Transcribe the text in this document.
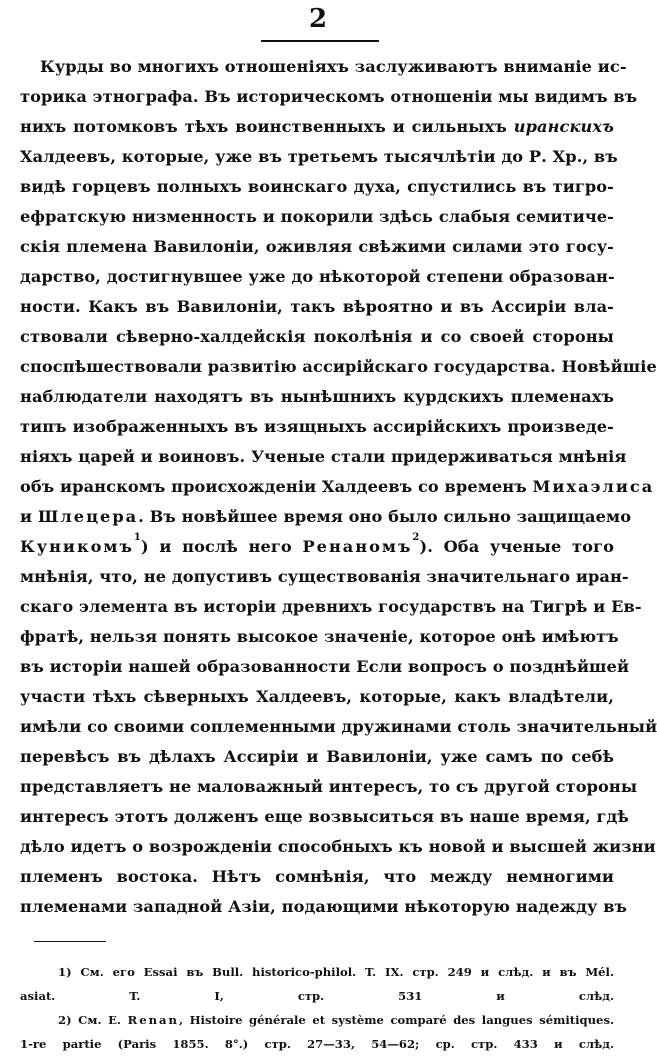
2
Курды во многихъ отношеніяхъ заслуживаютъ вниманіе ис-
торика этнографа. Въ историческомъ отношеніи мы видимъ въ
нихъ потомковъ тѣхъ воинственныхъ и сильныхъ иранскихъ
Халдеевъ, которые, уже въ третьемъ тысячлѣтіи до Р. Хр., въ
видѣ горцевъ полныхъ воинскаго духа, спустились въ тигро-
ефратскую низменность и покорили здѣсь слабыя семитиче-
скія племена Вавилоніи, оживляя свѣжими силами это госу-
дарство, достигнувшее уже до нѣкоторой степени образован-
ности. Какъ въ Вавилоніи, такъ вѣроятно и въ Ассиріи вла-
ствовали сѣверно-халдейскія поколѣнія и со своей стороны
споспѣшествовали развитію ассирійскаго государства. Новѣйшіе
наблюдатели находятъ въ нынѣшнихъ курдскихъ племенахъ
типъ изображенныхъ въ изящныхъ ассирійскихъ произведе-
ніяхъ царей и воиновъ. Ученые стали придерживаться мнѣнія
объ иранскомъ происхожденіи Халдеевъ со временъ Михаэлиса
и Шлецера. Въ новѣйшее время оно было сильно защищаемо
Куникомъ$^1$) и послѣ него Ренаномъ$^2$). Оба ученые того
мнѣнія, что, не допустивъ существованія значительнаго иран-
скаго элемента въ исторіи древнихъ государствъ на Тигрѣ и Ев-
фратѣ, нельзя понять высокое значеніе, которое онѣ имѣютъ
въ исторіи нашей образованности Если вопросъ о позднѣйшей
участи тѣхъ сѣверныхъ Халдеевъ, которые, какъ владѣтели,
имѣли со своими соплеменными дружинами столь значительный
перевѣсъ въ дѣлахъ Ассиріи и Вавилоніи, уже самъ по себѣ
представляетъ не маловажный интересъ, то съ другой стороны
интересъ этотъ долженъ еще возвыситься въ наше время, гдѣ
дѣло идетъ о возрожденіи способныхъ къ новой и высшей жизни
племенъ востока. Нѣтъ сомнѣнія, что между немногими
племенами западной Азіи, подающими нѣкоторую надежду въ
1) См. его Essai въ Bull. historico-philol. T. IX. стр. 249 и слѣд. и въ Mél.
asiat. T. I, стр. 531 и слѣд.
2) См. E. Renan, Histoire générale et système comparé des langues sémitiques.
1-re partie (Paris 1855. 8°.) стр. 27—33, 54—62; ср. стр. 433 и слѣд.
